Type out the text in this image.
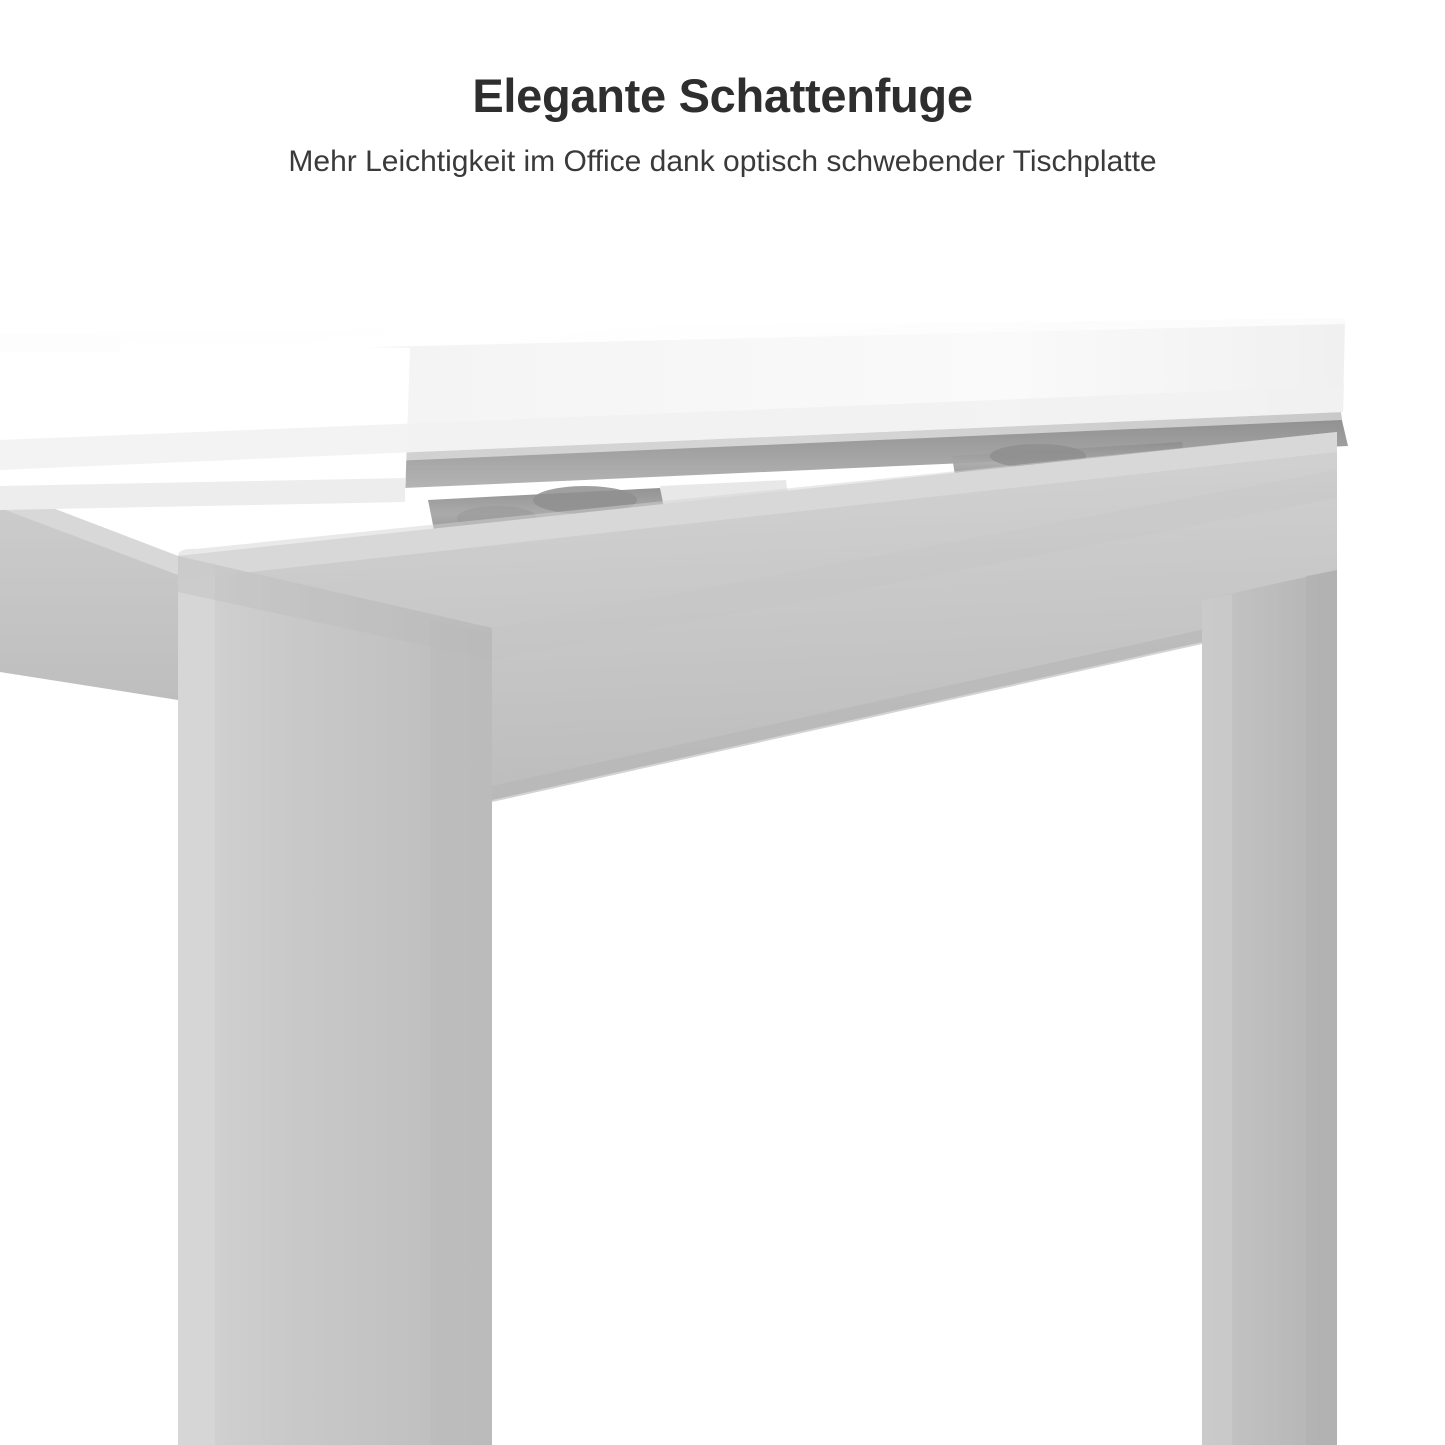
Elegante Schattenfuge

Mehr Leichtigkeit im Office dank optisch schwebender Tischplatte
